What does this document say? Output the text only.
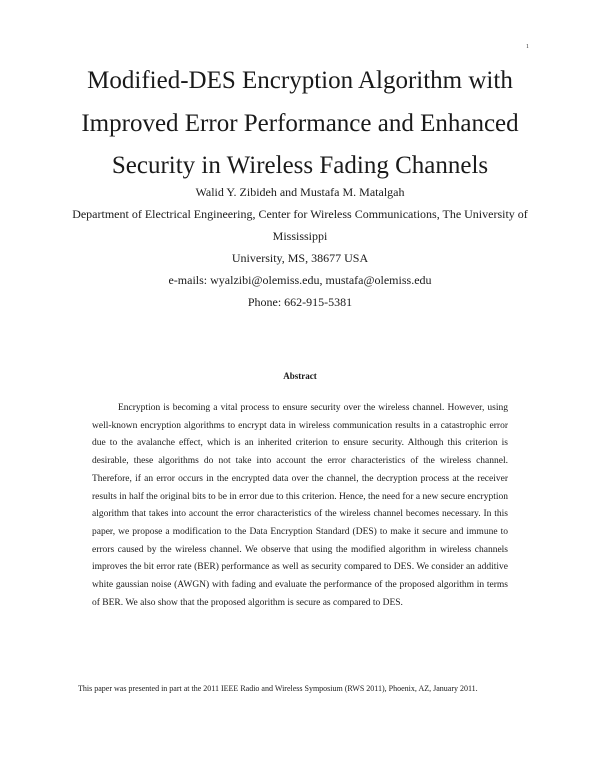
1
Modified-DES Encryption Algorithm with
Improved Error Performance and Enhanced
Security in Wireless Fading Channels
Walid Y. Zibideh and Mustafa M. Matalgah
Department of Electrical Engineering, Center for Wireless Communications, The University of
Mississippi
University, MS, 38677 USA
e-mails: wyalzibi@olemiss.edu, mustafa@olemiss.edu
Phone: 662-915-5381
Abstract

Encryption is becoming a vital process to ensure security over the wireless channel. However, using well-known encryption algorithms to encrypt data in wireless communication results in a catastrophic error due to the avalanche effect, which is an inherited criterion to ensure security. Although this criterion is desirable, these algorithms do not take into account the error characteristics of the wireless channel. Therefore, if an error occurs in the encrypted data over the channel, the decryption process at the receiver results in half the original bits to be in error due to this criterion. Hence, the need for a new secure encryption algorithm that takes into account the error characteristics of the wireless channel becomes necessary. In this paper, we propose a modification to the Data Encryption Standard (DES) to make it secure and immune to errors caused by the wireless channel. We observe that using the modified algorithm in wireless channels improves the bit error rate (BER) performance as well as security compared to DES. We consider an additive white gaussian noise (AWGN) with fading and evaluate the performance of the proposed algorithm in terms of BER. We also show that the proposed algorithm is secure as compared to DES.

This paper was presented in part at the 2011 IEEE Radio and Wireless Symposium (RWS 2011), Phoenix, AZ, January 2011.
